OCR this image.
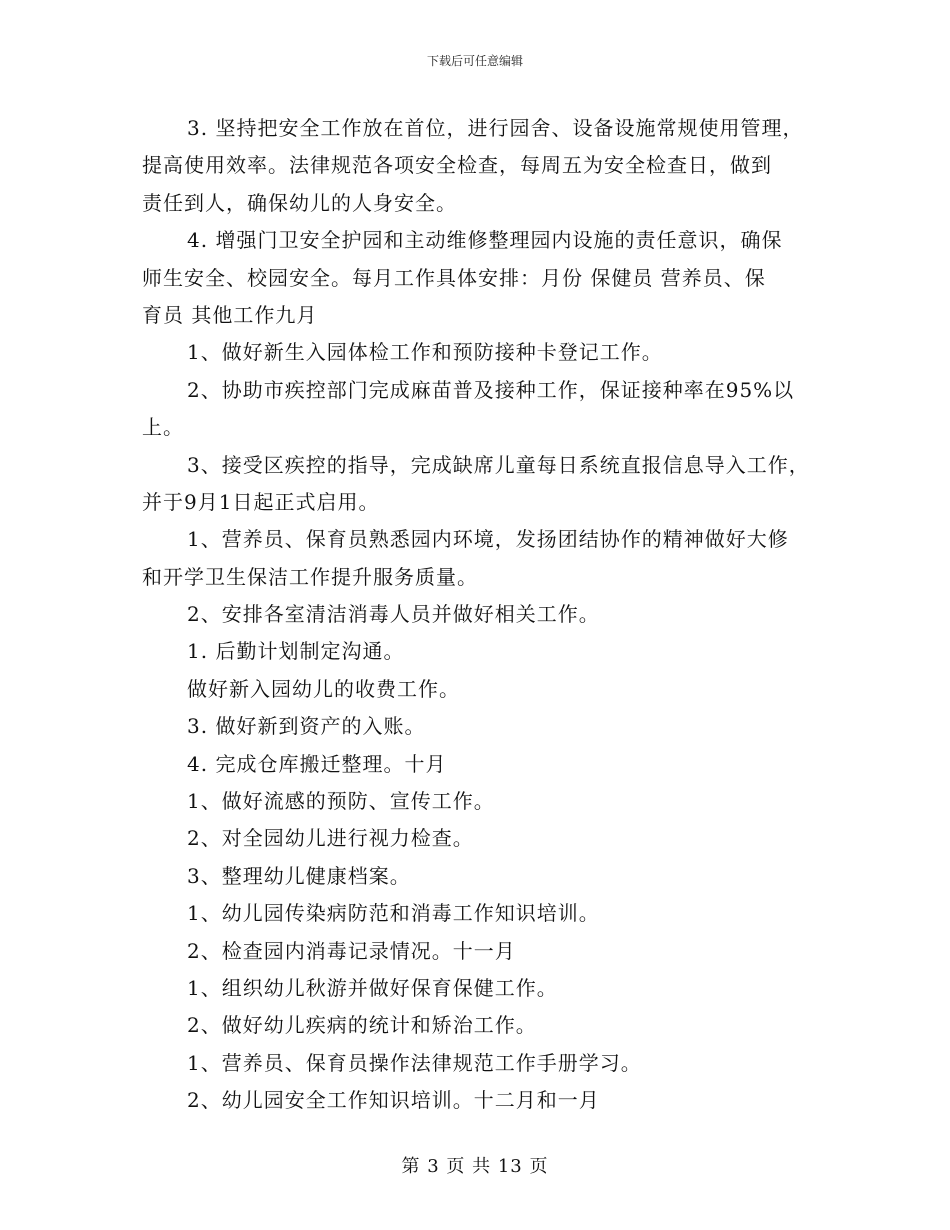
下载后可任意编辑
3. 坚持把安全工作放在首位，进行园舍、设备设施常规使用管理，
提高使用效率。法律规范各项安全检查，每周五为安全检查日，做到
责任到人，确保幼儿的人身安全。
4. 增强门卫安全护园和主动维修整理园内设施的责任意识，确保
师生安全、校园安全。每月工作具体安排：月份 保健员 营养员、保
育员 其他工作九月
1、做好新生入园体检工作和预防接种卡登记工作。
2、协助市疾控部门完成麻苗普及接种工作，保证接种率在95%以
上。
3、接受区疾控的指导，完成缺席儿童每日系统直报信息导入工作，
并于9月1日起正式启用。
1、营养员、保育员熟悉园内环境，发扬团结协作的精神做好大修
和开学卫生保洁工作提升服务质量。
2、安排各室清洁消毒人员并做好相关工作。
1. 后勤计划制定沟通。
做好新入园幼儿的收费工作。
3. 做好新到资产的入账。
4. 完成仓库搬迁整理。十月
1、做好流感的预防、宣传工作。
2、对全园幼儿进行视力检查。
3、整理幼儿健康档案。
1、幼儿园传染病防范和消毒工作知识培训。
2、检查园内消毒记录情况。十一月
1、组织幼儿秋游并做好保育保健工作。
2、做好幼儿疾病的统计和矫治工作。
1、营养员、保育员操作法律规范工作手册学习。
2、幼儿园安全工作知识培训。十二月和一月
第 3 页 共 13 页
